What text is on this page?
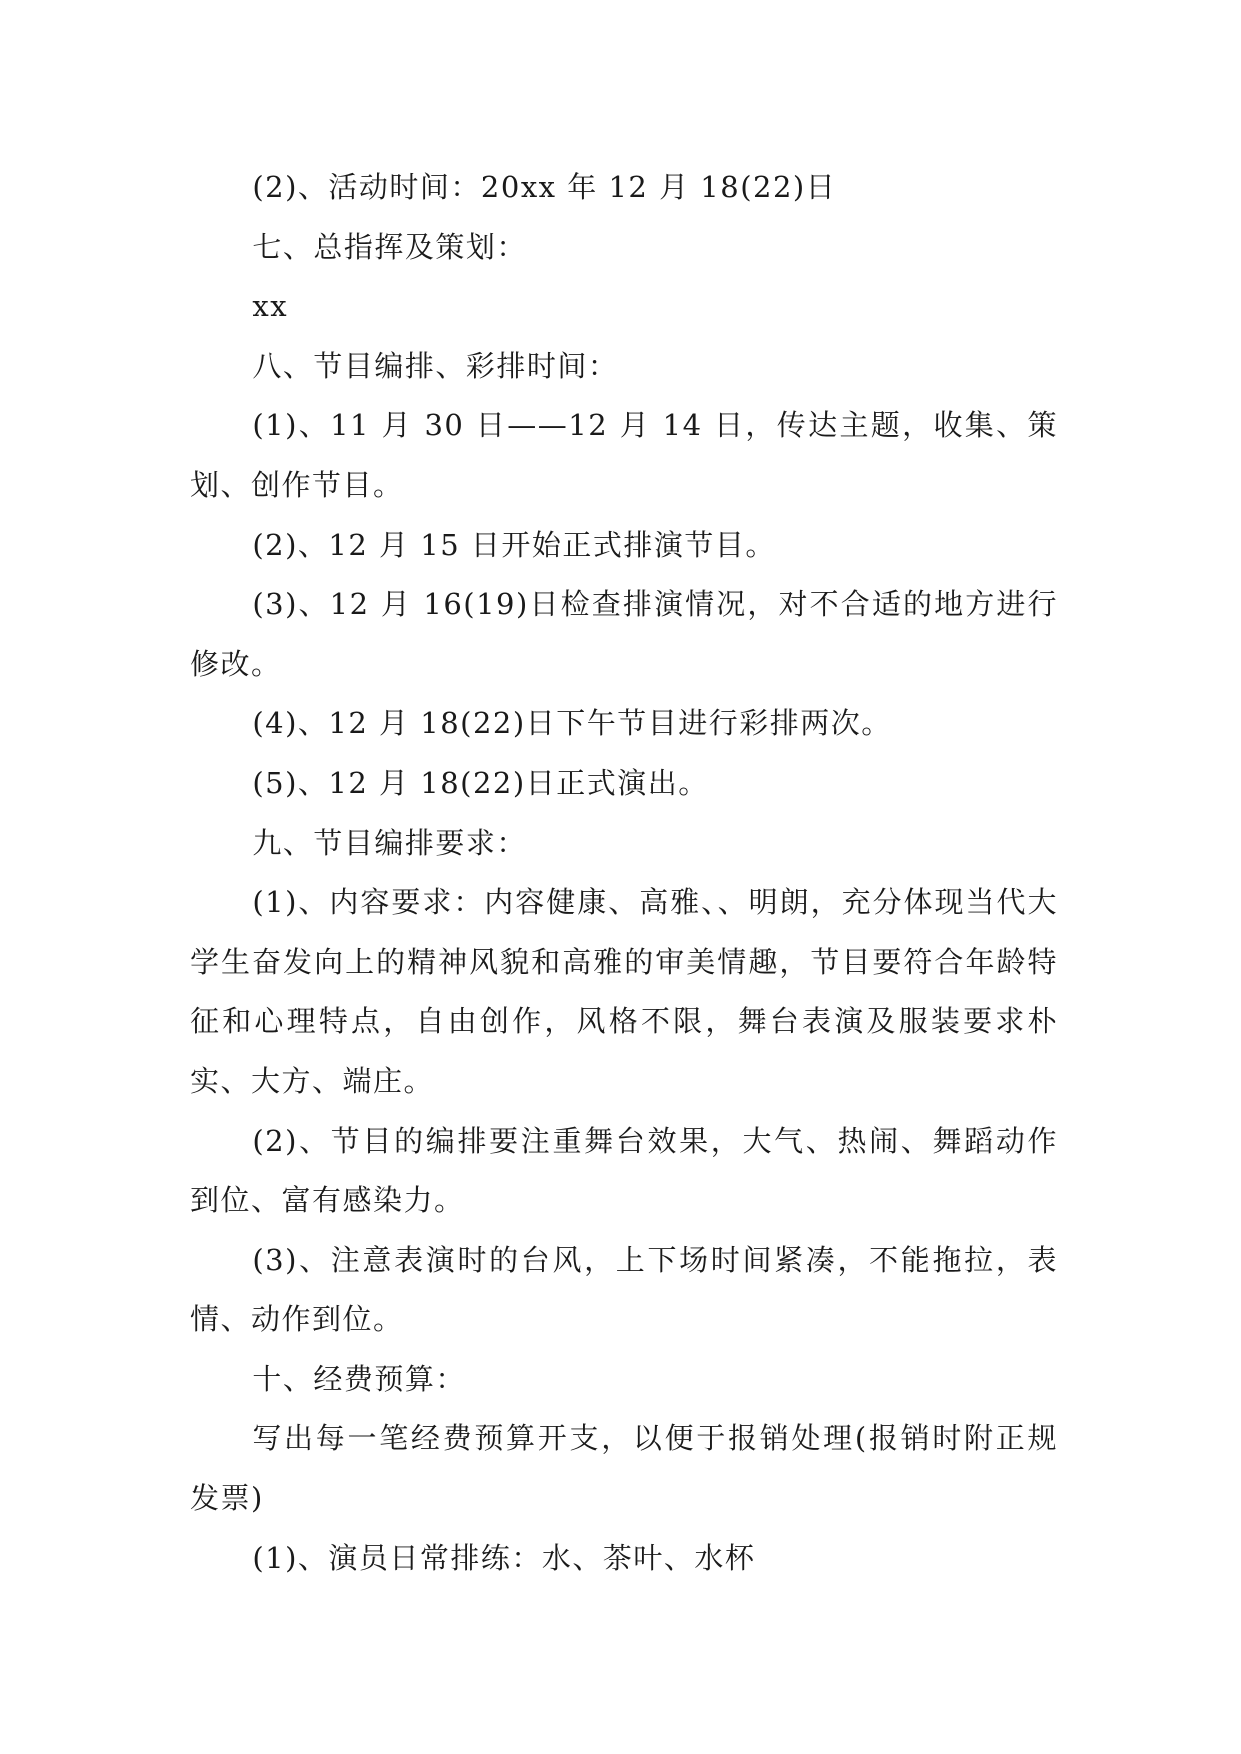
(2)、活动时间：20xx 年 12 月 18(22)日

七、总指挥及策划：

xx

八、节目编排、彩排时间：

(1)、11 月 30 日——12 月 14 日，传达主题，收集、策划、创作节目。

(2)、12 月 15 日开始正式排演节目。

(3)、12 月 16(19)日检查排演情况，对不合适的地方进行修改。

(4)、12 月 18(22)日下午节目进行彩排两次。

(5)、12 月 18(22)日正式演出。

九、节目编排要求：

(1)、内容要求：内容健康、高雅、、明朗，充分体现当代大学生奋发向上的精神风貌和高雅的审美情趣，节目要符合年龄特征和心理特点，自由创作，风格不限，舞台表演及服装要求朴实、大方、端庄。

(2)、节目的编排要注重舞台效果，大气、热闹、舞蹈动作到位、富有感染力。

(3)、注意表演时的台风，上下场时间紧凑，不能拖拉，表情、动作到位。

十、经费预算：

写出每一笔经费预算开支，以便于报销处理(报销时附正规发票)

(1)、演员日常排练：水、茶叶、水杯
